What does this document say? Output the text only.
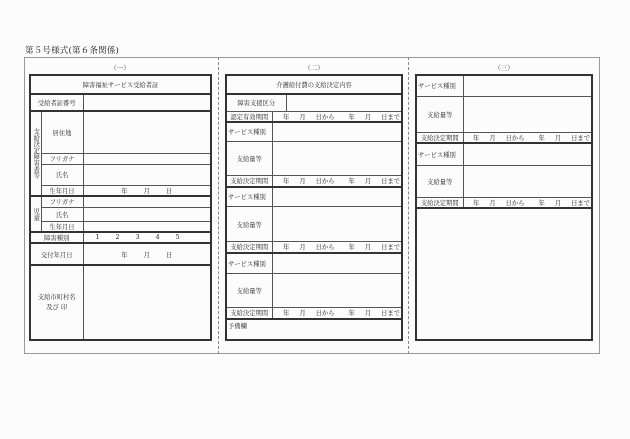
第５号様式(第６条関係)
（一）
障害福祉サービス受給者証		
受給者証番号		
支給決定障害者等	居住地	
	フリガナ	
	氏名	
	生年月日	年 月 日
児童	フリガナ	
	氏名	
	生年月日	
障害種別		1 2 3 4 5
交付年月日		年 月 日
支給市町村名
及び 印		
（二）
介護給付費の支給決定内容		
障害支援区分		
認定有効期間	年 月 日から 年 月 日まで	
サービス種別		
支給量等		
支給決定期間	年 月 日から 年 月 日まで	
サービス種別		
支給量等		
支給決定期間	年 月 日から 年 月 日まで	
サービス種別		
支給量等		
支給決定期間	年 月 日から 年 月 日まで	
予備欄		
（三）
サービス種別	
支給量等	
支給決定期間	年 月 日から 年 月 日まで
サービス種別	
支給量等	
支給決定期間	年 月 日から 年 月 日まで
